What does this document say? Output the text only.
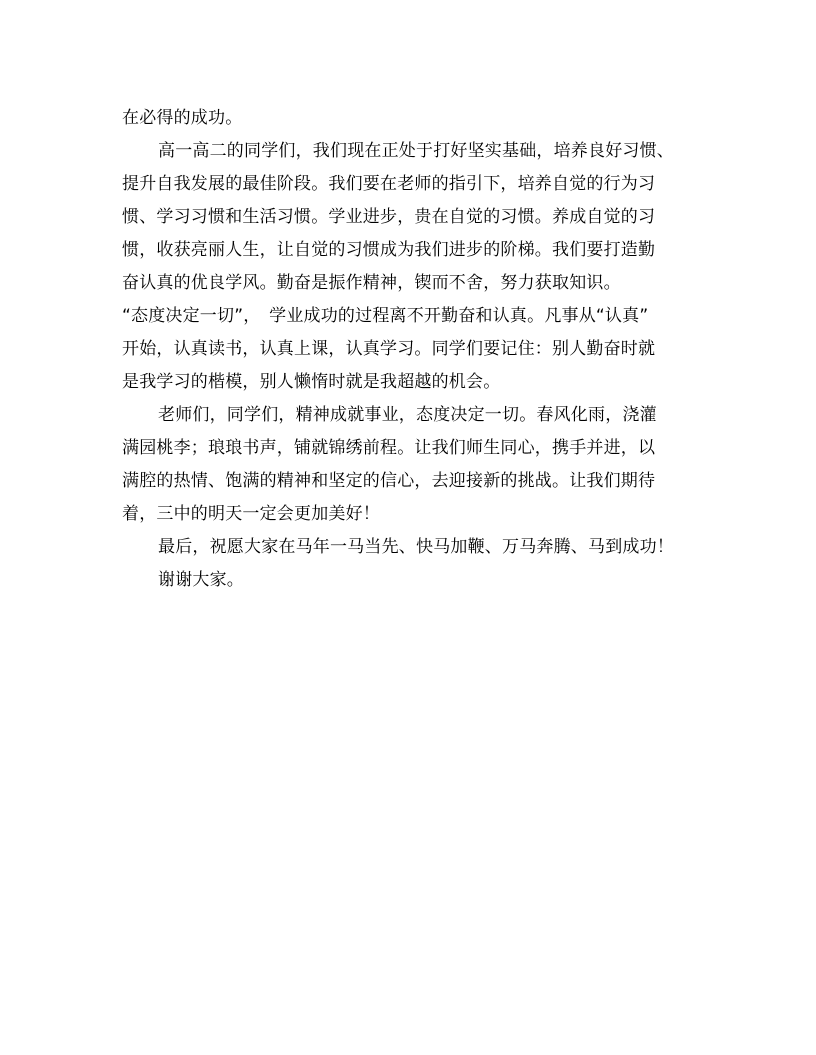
在必得的成功。
高一高二的同学们，我们现在正处于打好坚实基础，培养良好习惯、
提升自我发展的最佳阶段。我们要在老师的指引下，培养自觉的行为习
惯、学习习惯和生活习惯。学业进步，贵在自觉的习惯。养成自觉的习
惯，收获亮丽人生，让自觉的习惯成为我们进步的阶梯。我们要打造勤
奋认真的优良学风。勤奋是振作精神，锲而不舍，努力获取知识。
“态度决定一切”，　学业成功的过程离不开勤奋和认真。凡事从“认真”
开始，认真读书，认真上课，认真学习。同学们要记住：别人勤奋时就
是我学习的楷模，别人懒惰时就是我超越的机会。
老师们，同学们，精神成就事业，态度决定一切。春风化雨，浇灌
满园桃李；琅琅书声，铺就锦绣前程。让我们师生同心，携手并进，以
满腔的热情、饱满的精神和坚定的信心，去迎接新的挑战。让我们期待
着，三中的明天一定会更加美好！
最后，祝愿大家在马年一马当先、快马加鞭、万马奔腾、马到成功！
谢谢大家。
